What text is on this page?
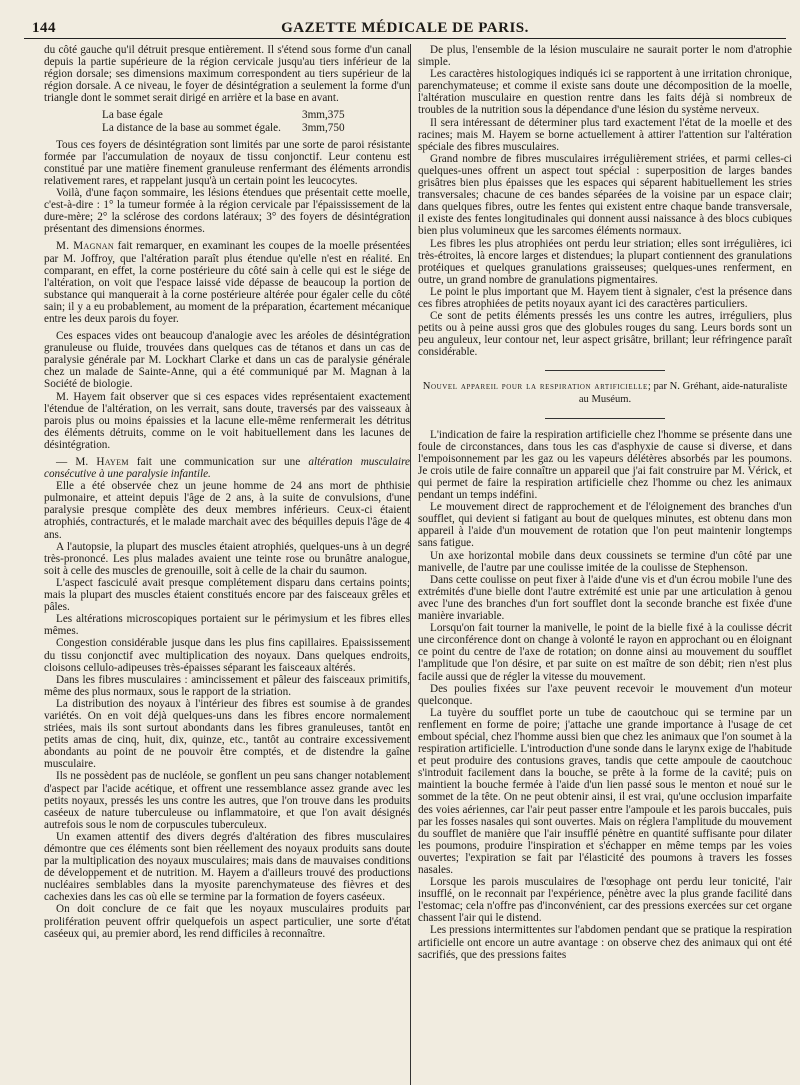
144	GAZETTE MÉDICALE DE PARIS.

du côté gauche qu'il détruit presque entièrement. Il s'étend sous forme d'un canal depuis la partie supérieure de la région cervicale jusqu'au tiers inférieur de la région dorsale; ses dimensions maximum correspondent au tiers supérieur de la région dorsale. A ce niveau, le foyer de désintégration a seulement la forme d'un triangle dont le sommet serait dirigé en arrière et la base en avant.

La base égale	3mm,375
La distance de la base au sommet égale.	3mm,750

Tous ces foyers de désintégration sont limités par une sorte de paroi résistante formée par l'accumulation de noyaux de tissu conjonctif. Leur contenu est constitué par une matière finement granuleuse renfermant des éléments arrondis relativement rares, et rappelant jusqu'à un certain point les leucocytes.

Voilà, d'une façon sommaire, les lésions étendues que présentait cette moelle, c'est-à-dire : 1° la tumeur formée à la région cervicale par l'épaississement de la dure-mère; 2° la sclérose des cordons latéraux; 3° des foyers de désintégration présentant des dimensions énormes.

M. Magnan fait remarquer, en examinant les coupes de la moelle présentées par M. Joffroy, que l'altération paraît plus étendue qu'elle n'est en réalité. En comparant, en effet, la corne postérieure du côté sain à celle qui est le siége de l'altération, on voit que l'espace laissé vide dépasse de beaucoup la portion de substance qui manquerait à la corne postérieure altérée pour égaler celle du côté sain; il y a eu probablement, au moment de la préparation, écartement mécanique entre les deux parois du foyer.

Ces espaces vides ont beaucoup d'analogie avec les aréoles de désintégration granuleuse ou fluide, trouvées dans quelques cas de tétanos et dans un cas de paralysie générale par M. Lockhart Clarke et dans un cas de paralysie générale chez un malade de Sainte-Anne, qui a été communiqué par M. Magnan à la Société de biologie.

M. Hayem fait observer que si ces espaces vides représentaient exactement l'étendue de l'altération, on les verrait, sans doute, traversés par des vaisseaux à parois plus ou moins épaissies et la lacune elle-même renfermerait les détritus des éléments détruits, comme on le voit habituellement dans les lacunes de désintégration.

— M. Hayem fait une communication sur une altération musculaire consécutive à une paralysie infantile.

Elle a été observée chez un jeune homme de 24 ans mort de phthisie pulmonaire, et atteint depuis l'âge de 2 ans, à la suite de convulsions, d'une paralysie presque complète des deux membres inférieurs. Ceux-ci étaient atrophiés, contracturés, et le malade marchait avec des béquilles depuis l'âge de 4 ans.

A l'autopsie, la plupart des muscles étaient atrophiés, quelques-uns à un degré très-prononcé. Les plus malades avaient une teinte rose ou brunâtre analogue, soit à celle des muscles de grenouille, soit à celle de la chair du saumon.

L'aspect fasciculé avait presque complétement disparu dans certains points; mais la plupart des muscles étaient constitués encore par des faisceaux grêles et pâles.

Les altérations microscopiques portaient sur le périmysium et les fibres elles mêmes.

Congestion considérable jusque dans les plus fins capillaires. Epaississement du tissu conjonctif avec multiplication des noyaux. Dans quelques endroits, cloisons cellulo-adipeuses très-épaisses séparant les faisceaux altérés.

Dans les fibres musculaires : amincissement et pâleur des faisceaux primitifs, même des plus normaux, sous le rapport de la striation.

La distribution des noyaux à l'intérieur des fibres est soumise à de grandes variétés. On en voit déjà quelques-uns dans les fibres encore normalement striées, mais ils sont surtout abondants dans les fibres granuleuses, tantôt en petits amas de cinq, huit, dix, quinze, etc., tantôt au contraire excessivement abondants au point de ne pouvoir être comptés, et de distendre la gaîne musculaire.

Ils ne possèdent pas de nucléole, se gonflent un peu sans changer notablement d'aspect par l'acide acétique, et offrent une ressemblance assez grande avec les petits noyaux, pressés les uns contre les autres, que l'on trouve dans les produits caséeux de nature tuberculeuse ou inflammatoire, et que l'on avait désignés autrefois sous le nom de corpuscules tuberculeux.

Un examen attentif des divers degrés d'altération des fibres musculaires démontre que ces éléments sont bien réellement des noyaux produits sans doute par la multiplication des noyaux musculaires; mais dans de mauvaises conditions de développement et de nutrition. M. Hayem a d'ailleurs trouvé des productions nucléaires semblables dans la myosite parenchymateuse des fièvres et des cachexies dans les cas où elle se termine par la formation de foyers caséeux.

On doit conclure de ce fait que les noyaux musculaires produits par prolifération peuvent offrir quelquefois un aspect particulier, une sorte d'état caséeux qui, au premier abord, les rend difficiles à reconnaître.

De plus, l'ensemble de la lésion musculaire ne saurait porter le nom d'atrophie simple.

Les caractères histologiques indiqués ici se rapportent à une irritation chronique, parenchymateuse; et comme il existe sans doute une décomposition de la moelle, l'altération musculaire en question rentre dans les faits déjà si nombreux de troubles de la nutrition sous la dépendance d'une lésion du système nerveux.

Il sera intéressant de déterminer plus tard exactement l'état de la moelle et des racines; mais M. Hayem se borne actuellement à attirer l'attention sur l'altération spéciale des fibres musculaires.

Grand nombre de fibres musculaires irrégulièrement striées, et parmi celles-ci quelques-unes offrent un aspect tout spécial : superposition de larges bandes grisâtres bien plus épaisses que les espaces qui séparent habituellement les stries transversales; chacune de ces bandes séparées de la voisine par un espace clair; dans quelques fibres, outre les fentes qui existent entre chaque bande transversale, il existe des fentes longitudinales qui donnent aussi naissance à des blocs cubiques bien plus volumineux que les sarcomes éléments normaux.

Les fibres les plus atrophiées ont perdu leur striation; elles sont irrégulières, ici très-étroites, là encore larges et distendues; la plupart contiennent des granulations protéiques et quelques granulations graisseuses; quelques-unes renferment, en outre, un grand nombre de granulations pigmentaires.

Le point le plus important que M. Hayem tient à signaler, c'est la présence dans ces fibres atrophiées de petits noyaux ayant ici des caractères particuliers.

Ce sont de petits éléments pressés les uns contre les autres, irréguliers, plus petits ou à peine aussi gros que des globules rouges du sang. Leurs bords sont un peu anguleux, leur contour net, leur aspect grisâtre, brillant; leur réfringence paraît considérable.

Nouvel appareil pour la respiration artificielle; par N. Gréhant, aide-naturaliste au Muséum.

L'indication de faire la respiration artificielle chez l'homme se présente dans une foule de circonstances, dans tous les cas d'asphyxie de cause si diverse, et dans l'empoisonnement par les gaz ou les vapeurs délétères absorbés par les poumons. Je crois utile de faire connaître un appareil que j'ai fait construire par M. Vérick, et qui permet de faire la respiration artificielle chez l'homme ou chez les animaux pendant un temps indéfini.

Le mouvement direct de rapprochement et de l'éloignement des branches d'un soufflet, qui devient si fatigant au bout de quelques minutes, est obtenu dans mon appareil à l'aide d'un mouvement de rotation que l'on peut maintenir longtemps sans fatigue.

Un axe horizontal mobile dans deux coussinets se termine d'un côté par une manivelle, de l'autre par une coulisse imitée de la coulisse de Stephenson.

Dans cette coulisse on peut fixer à l'aide d'une vis et d'un écrou mobile l'une des extrémités d'une bielle dont l'autre extrémité est unie par une articulation à genou avec l'une des branches d'un fort soufflet dont la seconde branche est fixée d'une manière invariable.

Lorsqu'on fait tourner la manivelle, le point de la bielle fixé à la coulisse décrit une circonférence dont on change à volonté le rayon en approchant ou en éloignant ce point du centre de l'axe de rotation; on donne ainsi au mouvement du soufflet l'amplitude que l'on désire, et par suite on est maître de son débit; rien n'est plus facile aussi que de régler la vitesse du mouvement.

Des poulies fixées sur l'axe peuvent recevoir le mouvement d'un moteur quelconque.

La tuyère du soufflet porte un tube de caoutchouc qui se termine par un renflement en forme de poire; j'attache une grande importance à l'usage de cet embout spécial, chez l'homme aussi bien que chez les animaux que l'on soumet à la respiration artificielle. L'introduction d'une sonde dans le larynx exige de l'habitude et peut produire des contusions graves, tandis que cette ampoule de caoutchouc s'introduit facilement dans la bouche, se prête à la forme de la cavité; puis on maintient la bouche fermée à l'aide d'un lien passé sous le menton et noué sur le sommet de la tête. On ne peut obtenir ainsi, il est vrai, qu'une occlusion imparfaite des voies aériennes, car l'air peut passer entre l'ampoule et les parois buccales, puis par les fosses nasales qui sont ouvertes. Mais on réglera l'amplitude du mouvement du soufflet de manière que l'air insufflé pénètre en quantité suffisante pour dilater les poumons, produire l'inspiration et s'échapper en même temps par les voies ouvertes; l'expiration se fait par l'élasticité des poumons à travers les fosses nasales.

Lorsque les parois musculaires de l'œsophage ont perdu leur tonicité, l'air insufflé, on le reconnait par l'expérience, pénètre avec la plus grande facilité dans l'estomac; cela n'offre pas d'inconvénient, car des pressions exercées sur cet organe chassent l'air qui le distend.

Les pressions intermittentes sur l'abdomen pendant que se pratique la respiration artificielle ont encore un autre avantage : on observe chez des animaux qui ont été sacrifiés, que des pressions faites
